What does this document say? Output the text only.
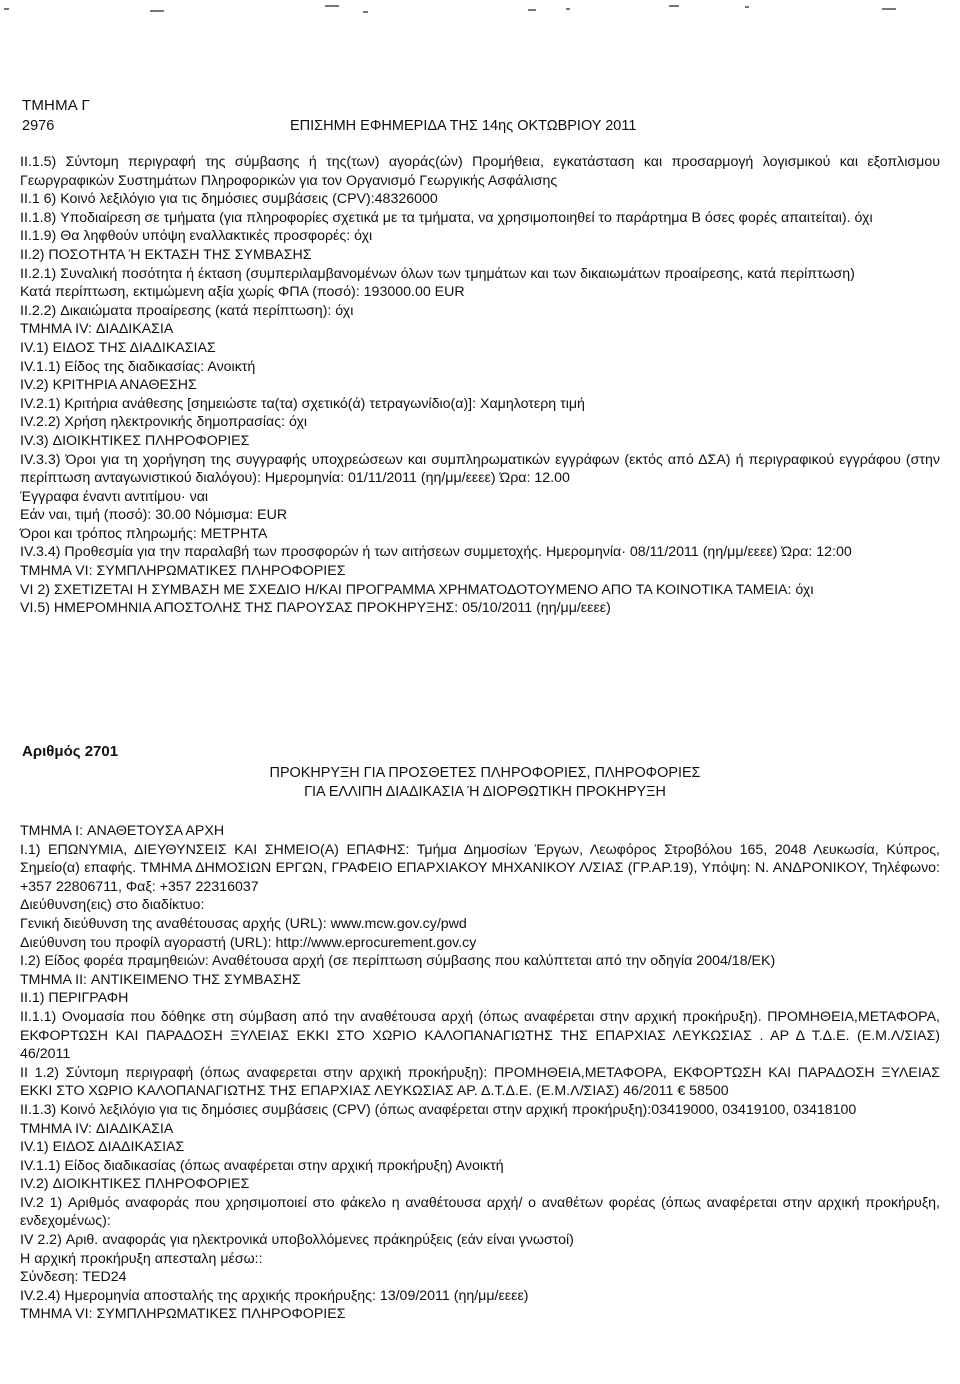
ΤΜΗΜΑ Γ
2976	ΕΠΙΣΗΜΗ ΕΦΗΜΕΡΙΔΑ ΤΗΣ 14ης ΟΚΤΩΒΡΙΟΥ 2011

II.1.5) Σύντομη περιγραφή της σύμβασης ή της(των) αγοράς(ών) Προμήθεια, εγκατάσταση και προσαρμογή λογισμικού και εξοπλισμου Γεωργραφικών Συστημάτων Πληροφορικών για τον Οργανισμό Γεωργικής Ασφάλισης

II.1 6) Κοινό λεξιλόγιο για τις δημόσιες συμβάσεις (CPV):48326000

II.1.8) Υποδιαίρεση σε τμήματα (για πληροφορίες σχετικά με τα τμήματα, να χρησιμοποιηθεί το παράρτημα Β όσες φορές απαιτείται). όχι

II.1.9) Θα ληφθούν υπόψη εναλλακτικές προσφορές: όχι

II.2) ΠΟΣΟΤΗΤΑ Ή ΕΚΤΑΣΗ ΤΗΣ ΣΥΜΒΑΣΗΣ

II.2.1) Συναλική ποσότητα ή έκταση (συμπεριλαμβανομένων όλων των τμημάτων και των δικαιωμάτων προαίρεσης, κατά περίπτωση)

Κατά περίπτωση, εκτιμώμενη αξία χωρίς ΦΠΑ (ποσό): 193000.00 EUR

II.2.2) Δικαιώματα προαίρεσης (κατά περίπτωση): όχι

ΤΜΗΜΑ IV: ΔΙΑΔΙΚΑΣΙΑ

IV.1) ΕΙΔΟΣ ΤΗΣ ΔΙΑΔΙΚΑΣΙΑΣ

IV.1.1) Είδος της διαδικασίας: Ανοικτή

IV.2) ΚΡΙΤΗΡΙΑ ΑΝΑΘΕΣΗΣ

IV.2.1) Κριτήρια ανάθεσης [σημειώστε τα(τα) σχετικό(ά) τετραγωνίδιο(α)]: Χαμηλοτερη τιμή

IV.2.2) Χρήση ηλεκτρονικής δημοπρασίας: όχι

IV.3) ΔΙΟΙΚΗΤΙΚΕΣ ΠΛΗΡΟΦΟΡΙΕΣ

IV.3.3) Όροι για τη χορήγηση της συγγραφής υποχρεώσεων και συμπληρωματικών εγγράφων (εκτός από ΔΣΑ) ή περιγραφικού εγγράφου (στην περίπτωση ανταγωνιστικού διαλόγου): Ημερομηνία: 01/11/2011 (ηη/μμ/εεεε) Ώρα: 12.00

Έγγραφα έναντι αντιτίμου· ναι

Εάν ναι, τιμή (ποσό): 30.00 Νόμισμα: EUR

Όροι και τρόπος πληρωμής: ΜΕΤΡΗΤΑ

IV.3.4) Προθεσμία για την παραλαβή των προσφορών ή των αιτήσεων συμμετοχής. Ημερομηνία· 08/11/2011 (ηη/μμ/εεεε) Ώρα: 12:00

ΤΜΗΜΑ VI: ΣΥΜΠΛΗΡΩΜΑΤΙΚΕΣ ΠΛΗΡΟΦΟΡΙΕΣ

VI 2) ΣΧΕΤΙΖΕΤΑΙ Η ΣΥΜΒΑΣΗ ΜΕ ΣΧΕΔΙΟ Η/ΚΑΙ ΠΡΟΓΡΑΜΜΑ ΧΡΗΜΑΤΟΔΟΤΟΥΜΕΝΟ ΑΠΟ ΤΑ ΚΟΙΝΟΤΙΚΑ ΤΑΜΕΙΑ: όχι

VI.5) ΗΜΕΡΟΜΗΝΙΑ ΑΠΟΣΤΟΛΗΣ ΤΗΣ ΠΑΡΟΥΣΑΣ ΠΡΟΚΗΡΥΞΗΣ: 05/10/2011 (ηη/μμ/εεεε)

Αριθμός 2701
ΠΡΟΚΗΡΥΞΗ ΓΙΑ ΠΡΟΣΘΕΤΕΣ ΠΛΗΡΟΦΟΡΙΕΣ, ΠΛΗΡΟΦΟΡΙΕΣ
ΓΙΑ ΕΛΛΙΠΗ ΔΙΑΔΙΚΑΣΙΑ Ή ΔΙΟΡΘΩΤΙΚΗ ΠΡΟΚΗΡΥΞΗ

ΤΜΗΜΑ I: ΑΝΑΘΕΤΟΥΣΑ ΑΡΧΗ

I.1) ΕΠΩΝΥΜΙΑ, ΔΙΕΥΘΥΝΣΕΙΣ ΚΑΙ ΣΗΜΕΙΟ(Α) ΕΠΑΦΗΣ: Τμήμα Δημοσίων Έργων, Λεωφόρος Στροβόλου 165, 2048 Λευκωσία, Κύπρος, Σημείο(α) επαφής. ΤΜΗΜΑ ΔΗΜΟΣΙΩΝ ΕΡΓΩΝ, ΓΡΑΦΕΙΟ ΕΠΑΡΧΙΑΚΟΥ ΜΗΧΑΝΙΚΟΥ Λ/ΣΙΑΣ (ΓΡ.ΑΡ.19), Υπόψη: Ν. ΑΝΔΡΟΝΙΚΟΥ, Τηλέφωνο: +357 22806711, Φαξ: +357 22316037

Διεύθυνση(εις) στο διαδίκτυο:

Γενική διεύθυνση της αναθέτουσας αρχής (URL): www.mcw.gov.cy/pwd

Διεύθυνση του προφίλ αγοραστή (URL): http://www.eprocurement.gov.cy

I.2) Είδος φορέα πραμηθειών: Αναθέτουσα αρχή (σε περίπτωση σύμβασης που καλύπτεται από την οδηγία 2004/18/ΕΚ)

ΤΜΗΜΑ II: ΑΝΤΙΚΕΙΜΕΝΟ ΤΗΣ ΣΥΜΒΑΣΗΣ

II.1) ΠΕΡΙΓΡΑΦΗ

II.1.1) Ονομασία που δόθηκε στη σύμβαση από την αναθέτουσα αρχή (όπως αναφέρεται στην αρχική προκήρυξη). ΠΡΟΜΗΘΕΙΑ,ΜΕΤΑΦΟΡΑ, ΕΚΦΟΡΤΩΣΗ ΚΑΙ ΠΑΡΑΔΟΣΗ ΞΥΛΕΙΑΣ ΕΚΚΙ ΣΤΟ ΧΩΡΙΟ ΚΑΛΟΠΑΝΑΓΙΩΤΗΣ ΤΗΣ ΕΠΑΡΧΙΑΣ ΛΕΥΚΩΣΙΑΣ . ΑΡ Δ Τ.Δ.Ε. (Ε.Μ.Λ/ΣΙΑΣ) 46/2011

II 1.2) Σύντομη περιγραφή (όπως αναφερεται στην αρχική προκήρυξη): ΠΡΟΜΗΘΕΙΑ,ΜΕΤΑΦΟΡΑ, ΕΚΦΟΡΤΩΣΗ ΚΑΙ ΠΑΡΑΔΟΣΗ ΞΥΛΕΙΑΣ ΕΚΚΙ ΣΤΟ ΧΩΡΙΟ ΚΑΛΟΠΑΝΑΓΙΩΤΗΣ ΤΗΣ ΕΠΑΡΧΙΑΣ ΛΕΥΚΩΣΙΑΣ ΑΡ. Δ.Τ.Δ.Ε. (Ε.Μ.Λ/ΣΙΑΣ) 46/2011 € 58500

II.1.3) Κοινό λεξιλόγιο για τις δημόσιες συμβάσεις (CPV) (όπως αναφέρεται στην αρχική προκήρυξη):03419000, 03419100, 03418100

ΤΜΗΜΑ IV: ΔΙΑΔΙΚΑΣΙΑ

IV.1) ΕΙΔΟΣ ΔΙΑΔΙΚΑΣΙΑΣ

IV.1.1) Είδος διαδικασίας (όπως αναφέρεται στην αρχική προκήρυξη) Ανοικτή

IV.2) ΔΙΟΙΚΗΤΙΚΕΣ ΠΛΗΡΟΦΟΡΙΕΣ

IV.2 1) Αριθμός αναφοράς που χρησιμοποιεί στο φάκελο η αναθέτουσα αρχή/ ο αναθέτων φορέας (όπως αναφέρεται στην αρχική προκήρυξη, ενδεχομένως):

IV 2.2) Αριθ. αναφοράς για ηλεκτρονικά υποβολλόμενες πράκηρύξεις (εάν είναι γνωστοί)

Η αρχική προκήρυξη απεσταλη μέσω::

Σύνδεση: TED24

IV.2.4) Ημερομηνία αποσταλής της αρχικής προκήρυξης: 13/09/2011 (ηη/μμ/εεεε)

ΤΜΗΜΑ VI: ΣΥΜΠΛΗΡΩΜΑΤΙΚΕΣ ΠΛΗΡΟΦΟΡΙΕΣ
